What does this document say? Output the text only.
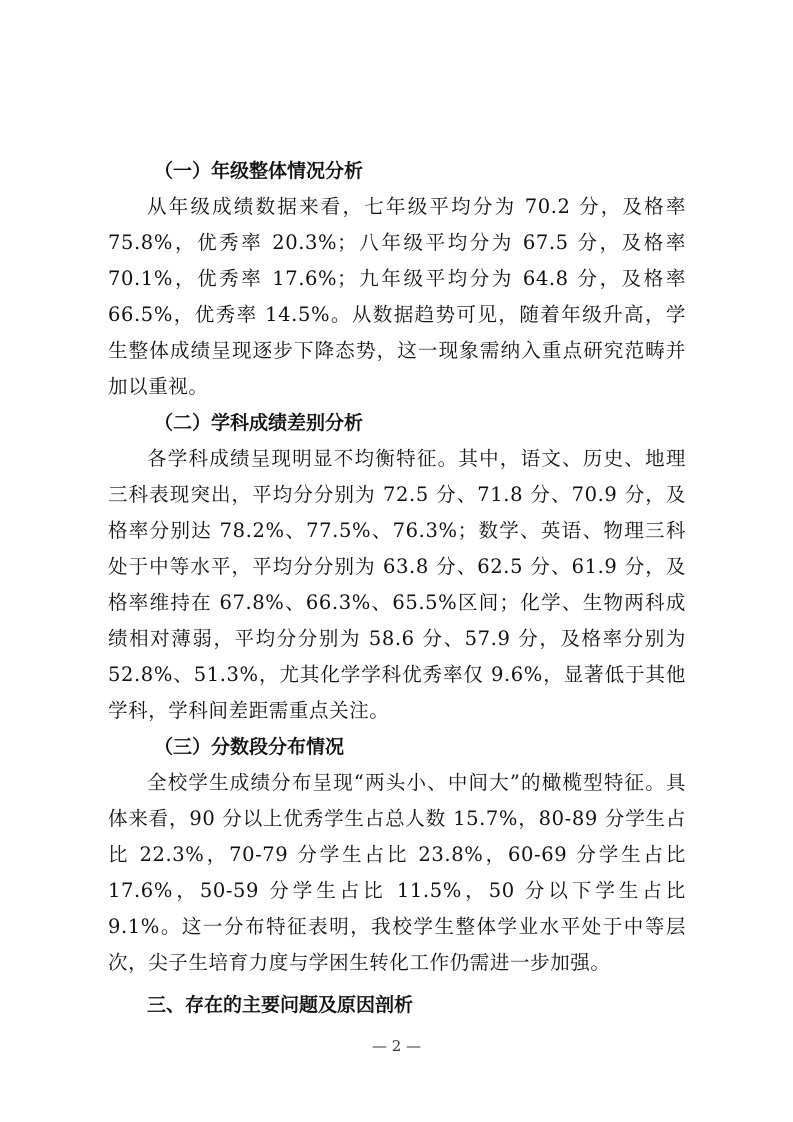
（一）年级整体情况分析

从年级成绩数据来看，七年级平均分为 70.2 分，及格率 75.8%，优秀率 20.3%；八年级平均分为 67.5 分，及格率 70.1%，优秀率 17.6%；九年级平均分为 64.8 分，及格率 66.5%，优秀率 14.5%。从数据趋势可见，随着年级升高，学生整体成绩呈现逐步下降态势，这一现象需纳入重点研究范畴并加以重视。

（二）学科成绩差别分析

各学科成绩呈现明显不均衡特征。其中，语文、历史、地理三科表现突出，平均分分别为 72.5 分、71.8 分、70.9 分，及格率分别达 78.2%、77.5%、76.3%；数学、英语、物理三科处于中等水平，平均分分别为 63.8 分、62.5 分、61.9 分，及格率维持在 67.8%、66.3%、65.5%区间；化学、生物两科成绩相对薄弱，平均分分别为 58.6 分、57.9 分，及格率分别为 52.8%、51.3%，尤其化学学科优秀率仅 9.6%，显著低于其他学科，学科间差距需重点关注。

（三）分数段分布情况

全校学生成绩分布呈现“两头小、中间大”的橄榄型特征。具体来看，90 分以上优秀学生占总人数 15.7%，80-89 分学生占比 22.3%，70-79 分学生占比 23.8%，60-69 分学生占比 17.6%，50-59 分学生占比 11.5%，50 分以下学生占比 9.1%。这一分布特征表明，我校学生整体学业水平处于中等层次，尖子生培育力度与学困生转化工作仍需进一步加强。

三、存在的主要问题及原因剖析

— 2 —
